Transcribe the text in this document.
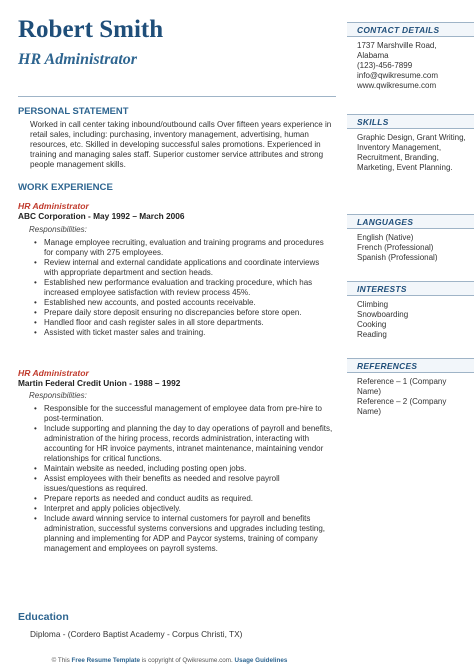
Robert Smith
HR Administrator
PERSONAL STATEMENT
Worked in call center taking inbound/outbound calls Over fifteen years experience in retail sales, including: purchasing, inventory management, advertising, human resources, etc. Skilled in developing successful sales promotions. Experienced in training and managing sales staff. Superior customer service attributes and strong people management skills.
WORK EXPERIENCE
HR Administrator
ABC Corporation - May 1992 – March 2006
Responsibilities:
• Manage employee recruiting, evaluation and training programs and procedures for company with 275 employees.
• Review internal and external candidate applications and coordinate interviews with appropriate department and section heads.
• Established new performance evaluation and tracking procedure, which has increased employee satisfaction with review process 45%.
• Established new accounts, and posted accounts receivable.
• Prepare daily store deposit ensuring no discrepancies before store open.
• Handled floor and cash register sales in all store departments.
• Assisted with ticket master sales and training.
HR Administrator
Martin Federal Credit Union - 1988 – 1992
Responsibilities:
• Responsible for the successful management of employee data from pre-hire to post-termination.
• Include supporting and planning the day to day operations of payroll and benefits, administration of the hiring process, records administration, interacting with accounting for HR invoice payments, intranet maintenance, maintaining vendor relationships for critical functions.
• Maintain website as needed, including posting open jobs.
• Assist employees with their benefits as needed and resolve payroll issues/questions as required.
• Prepare reports as needed and conduct audits as required.
• Interpret and apply policies objectively.
• Include award winning service to internal customers for payroll and benefits administration, successful systems conversions and upgrades including testing, planning and implementing for ADP and Paycor systems, training of company management and employees on payroll systems.
Education
Diploma - (Cordero Baptist Academy - Corpus Christi, TX)
© This Free Resume Template is copyright of Qwikresume.com. Usage Guidelines
CONTACT DETAILS
1737 Marshville Road,
Alabama
(123)-456-7899
info@qwikresume.com
www.qwikresume.com
SKILLS
Graphic Design, Grant Writing, Inventory Management, Recruitment, Branding, Marketing, Event Planning.
LANGUAGES
English (Native)
French (Professional)
Spanish (Professional)
INTERESTS
Climbing
Snowboarding
Cooking
Reading
REFERENCES
Reference – 1 (Company Name)
Reference – 2 (Company Name)
